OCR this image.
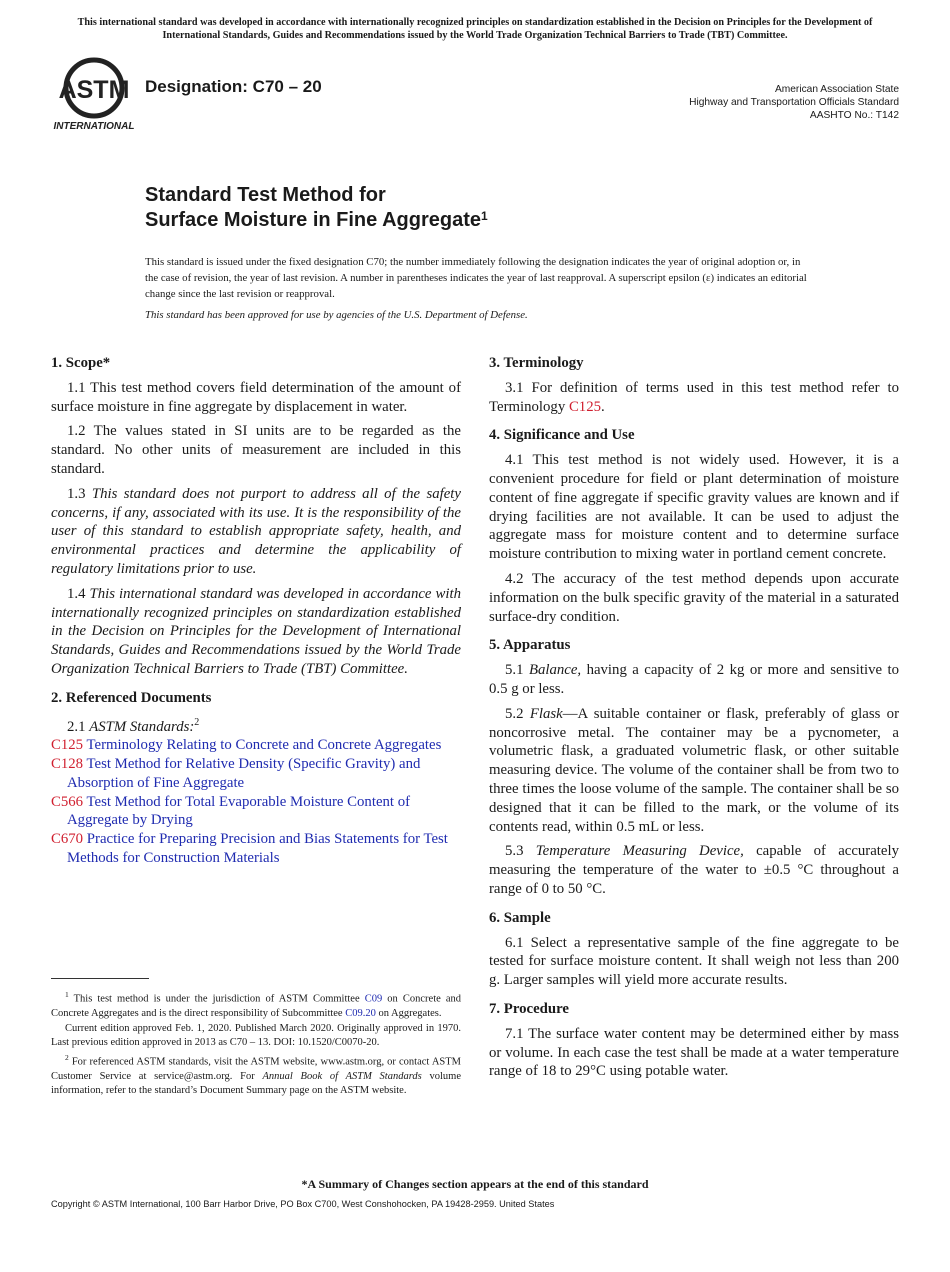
This international standard was developed in accordance with internationally recognized principles on standardization established in the Decision on Principles for the Development of International Standards, Guides and Recommendations issued by the World Trade Organization Technical Barriers to Trade (TBT) Committee.
ASTM
INTERNATIONAL
Designation: C70 – 20	American Association State
Highway and Transportation Officials Standard
AASHTO No.: T142
Standard Test Method for
Surface Moisture in Fine Aggregate$^1$
This standard is issued under the fixed designation C70; the number immediately following the designation indicates the year of original adoption or, in the case of revision, the year of last revision. A number in parentheses indicates the year of last reapproval. A superscript epsilon (ε) indicates an editorial change since the last revision or reapproval.
This standard has been approved for use by agencies of the U.S. Department of Defense.
1. Scope*

1.1 This test method covers field determination of the amount of surface moisture in fine aggregate by displacement in water.

1.2 The values stated in SI units are to be regarded as the standard. No other units of measurement are included in this standard.

1.3 This standard does not purport to address all of the safety concerns, if any, associated with its use. It is the responsibility of the user of this standard to establish appropriate safety, health, and environmental practices and determine the applicability of regulatory limitations prior to use.

1.4 This international standard was developed in accordance with internationally recognized principles on standardization established in the Decision on Principles for the Development of International Standards, Guides and Recommendations issued by the World Trade Organization Technical Barriers to Trade (TBT) Committee.

2. Referenced Documents

2.1 ASTM Standards:$^2$

C125 Terminology Relating to Concrete and Concrete Aggregates

C128 Test Method for Relative Density (Specific Gravity) and Absorption of Fine Aggregate

C566 Test Method for Total Evaporable Moisture Content of Aggregate by Drying

C670 Practice for Preparing Precision and Bias Statements for Test Methods for Construction Materials

$^1$ This test method is under the jurisdiction of ASTM Committee C09 on Concrete and Concrete Aggregates and is the direct responsibility of Subcommittee C09.20 on Aggregates.

Current edition approved Feb. 1, 2020. Published March 2020. Originally approved in 1970. Last previous edition approved in 2013 as C70 – 13. DOI: 10.1520/C0070-20.

$^2$ For referenced ASTM standards, visit the ASTM website, www.astm.org, or contact ASTM Customer Service at service@astm.org. For Annual Book of ASTM Standards volume information, refer to the standard’s Document Summary page on the ASTM website.

3. Terminology

3.1 For definition of terms used in this test method refer to Terminology C125.

4. Significance and Use

4.1 This test method is not widely used. However, it is a convenient procedure for field or plant determination of moisture content of fine aggregate if specific gravity values are known and if drying facilities are not available. It can be used to adjust the aggregate mass for moisture content and to determine surface moisture contribution to mixing water in portland cement concrete.

4.2 The accuracy of the test method depends upon accurate information on the bulk specific gravity of the material in a saturated surface-dry condition.

5. Apparatus

5.1 Balance, having a capacity of 2 kg or more and sensitive to 0.5 g or less.

5.2 Flask—A suitable container or flask, preferably of glass or noncorrosive metal. The container may be a pycnometer, a volumetric flask, a graduated volumetric flask, or other suitable measuring device. The volume of the container shall be from two to three times the loose volume of the sample. The container shall be so designed that it can be filled to the mark, or the volume of its contents read, within 0.5 mL or less.

5.3 Temperature Measuring Device, capable of accurately measuring the temperature of the water to ±0.5 °C throughout a range of 0 to 50 °C.

6. Sample

6.1 Select a representative sample of the fine aggregate to be tested for surface moisture content. It shall weigh not less than 200 g. Larger samples will yield more accurate results.

7. Procedure

7.1 The surface water content may be determined either by mass or volume. In each case the test shall be made at a water temperature range of 18 to 29°C using potable water.

*A Summary of Changes section appears at the end of this standard
Copyright © ASTM International, 100 Barr Harbor Drive, PO Box C700, West Conshohocken, PA 19428-2959. United States
